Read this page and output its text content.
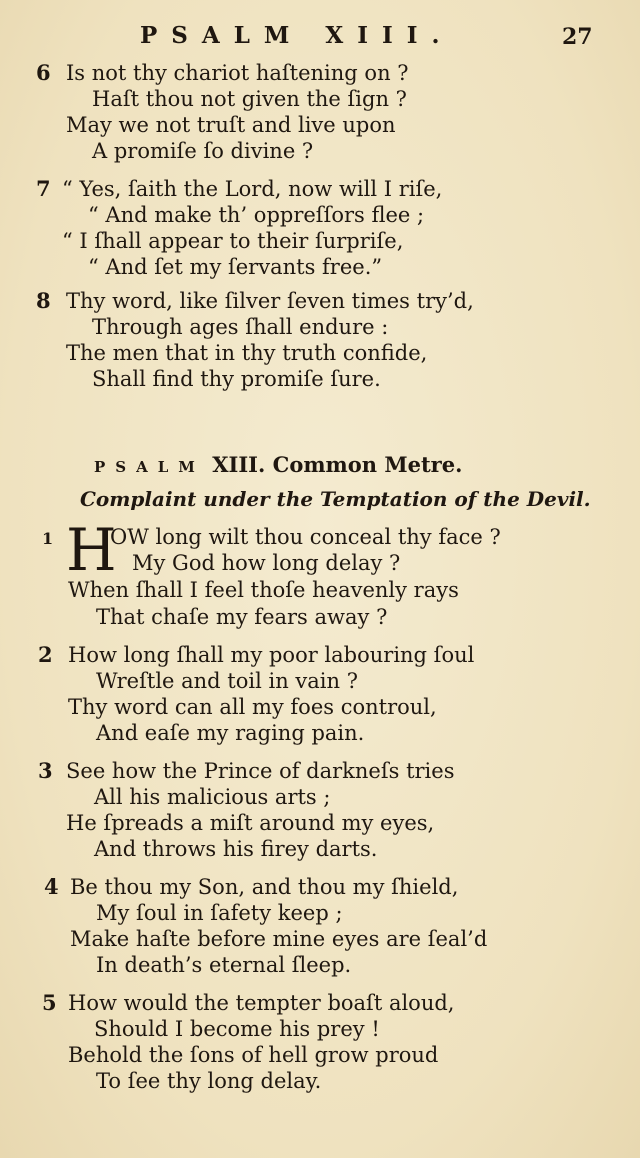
PSALM XIII.	27
6 Is not thy chariot haſtening on ?
Haſt thou not given the ſign ?
May we not truſt and live upon
A promiſe ſo divine ?
7 “ Yes, ſaith the Lord, now will I riſe,
“ And make th’ oppreſſors flee ;
“ I ſhall appear to their ſurpriſe,
“ And ſet my ſervants free.”
8 Thy word, like ſilver ſeven times try’d,
Through ages ſhall endure :
The men that in thy truth confide,
Shall find thy promiſe ſure.
PSALM XIII. Common Metre.
Complaint under the Temptation of the Devil.
1 H
OW long wilt thou conceal thy face ?
My God how long delay ?
When ſhall I feel thoſe heavenly rays
That chaſe my fears away ?
2 How long ſhall my poor labouring ſoul
Wreſtle and toil in vain ?
Thy word can all my foes controul,
And eaſe my raging pain.
3 See how the Prince of darkneſs tries
All his malicious arts ;
He ſpreads a miſt around my eyes,
And throws his firey darts.
4 Be thou my Son, and thou my ſhield,
My ſoul in ſafety keep ;
Make haſte before mine eyes are ſeal’d
In death’s eternal ſleep.
5 How would the tempter boaſt aloud,
Should I become his prey !
Behold the ſons of hell grow proud
To ſee thy long delay.
